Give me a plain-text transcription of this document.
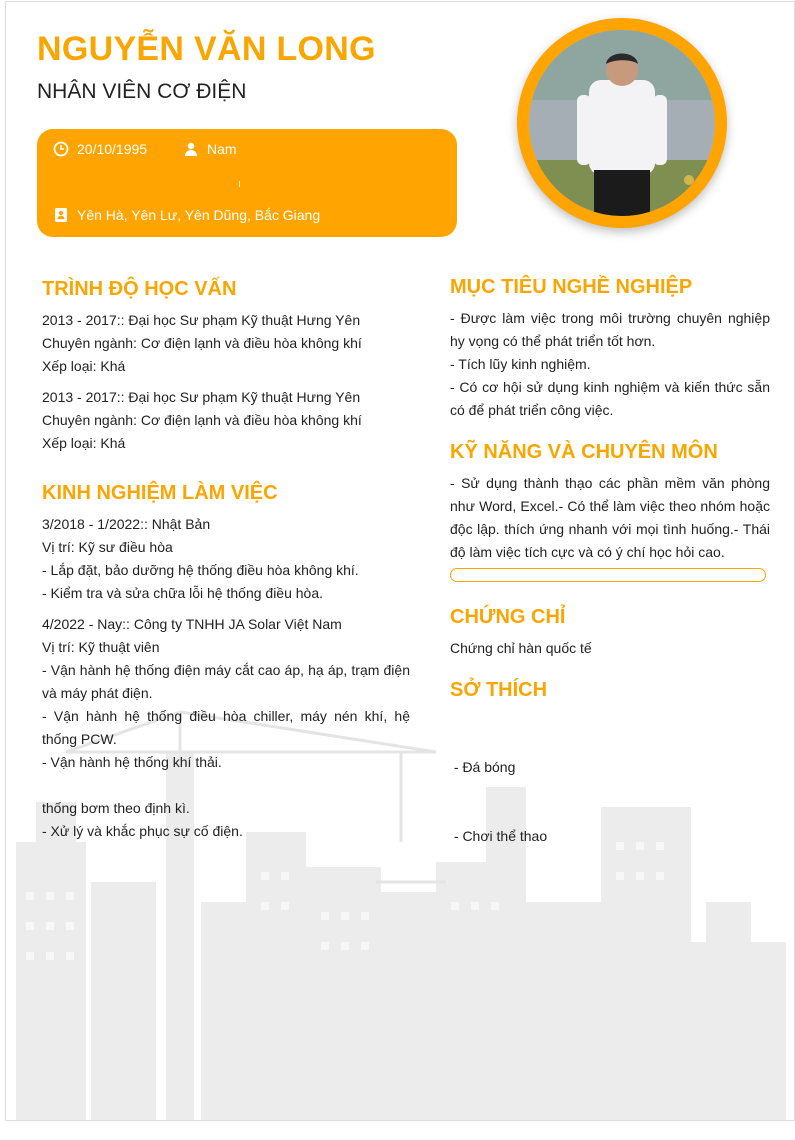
NGUYỄN VĂN LONG
NHÂN VIÊN CƠ ĐIỆN
20/10/1995	Nam
Yên Hà, Yên Lư, Yên Dũng, Bắc Giang
TRÌNH ĐỘ HỌC VẤN

2013 - 2017:: Đại học Sư phạm Kỹ thuật Hưng Yên

Chuyên ngành: Cơ điện lạnh và điều hòa không khí

Xếp loại: Khá

2013 - 2017:: Đại học Sư phạm Kỹ thuật Hưng Yên

Chuyên ngành: Cơ điện lạnh và điều hòa không khí

Xếp loại: Khá

KINH NGHIỆM LÀM VIỆC

3/2018 - 1/2022:: Nhật Bản

Vị trí: Kỹ sư điều hòa

- Lắp đặt, bảo dưỡng hệ thống điều hòa không khí.

- Kiểm tra và sửa chữa lỗi hệ thống điều hòa.

4/2022 - Nay:: Công ty TNHH JA Solar Việt Nam

Vị trí: Kỹ thuật viên

- Vận hành hệ thống điện máy cắt cao áp, hạ áp, trạm điện và máy phát điện.

- Vận hành hệ thống điều hòa chiller, máy nén khí, hệ thống PCW.

- Vận hành hệ thống khí thải.

thống bơm theo định kì.

- Xử lý và khắc phục sự cố điện.

MỤC TIÊU NGHỀ NGHIỆP

- Được làm việc trong môi trường chuyên nghiệp hy vọng có thể phát triển tốt hơn.

- Tích lũy kinh nghiệm.

- Có cơ hội sử dụng kinh nghiệm và kiến thức sẵn có để phát triển công việc.

KỸ NĂNG VÀ CHUYÊN MÔN

- Sử dụng thành thạo các phần mềm văn phòng như Word, Excel.- Có thể làm việc theo nhóm hoặc độc lập. thích ứng nhanh với mọi tình huống.- Thái độ làm việc tích cực và có ý chí học hỏi cao.

CHỨNG CHỈ

Chứng chỉ hàn quốc tế

SỞ THÍCH

- Đá bóng

- Chơi thể thao
